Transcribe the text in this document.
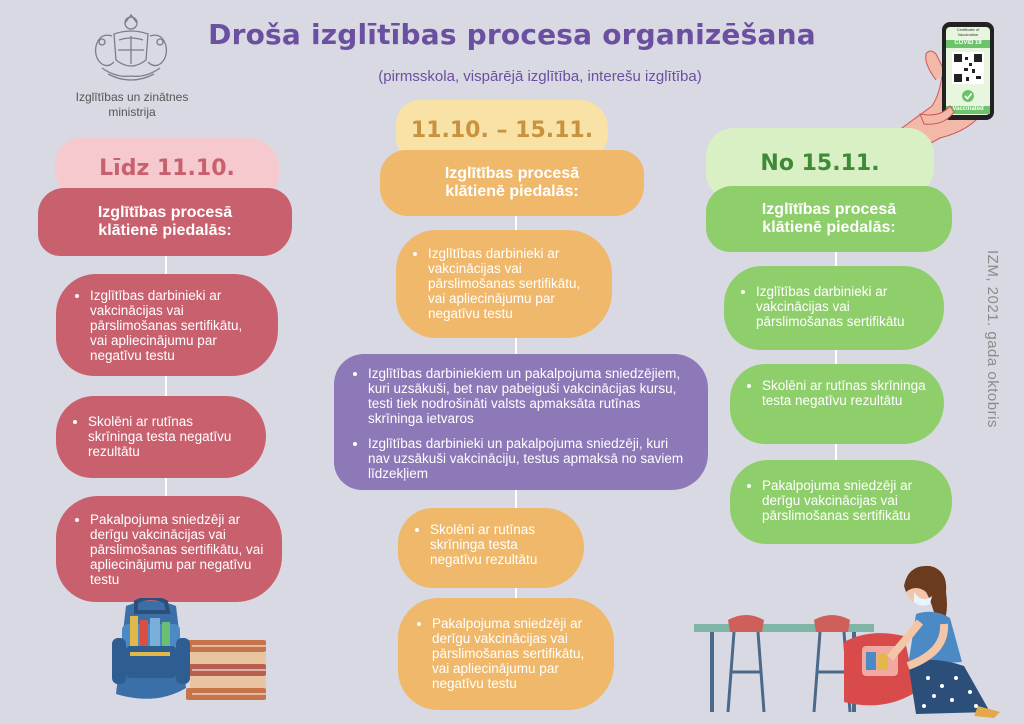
Izglītības un zinātnes
ministrija
Droša izglītības procesa organizēšana
(pirmsskola, vispārējā izglītība, interešu izglītība)
Certificate of Vaccination
COVID 19
Vaccinated
IZM, 2021. gada oktobris
Līdz 11.10.
Izglītības procesā klātienē piedalās:
• Izglītības darbinieki ar vakcinācijas vai pārslimošanas sertifikātu, vai apliecinājumu par negatīvu testu
• Skolēni ar rutīnas skrīninga testa negatīvu rezultātu
• Pakalpojuma sniedzēji ar derīgu vakcinācijas vai pārslimošanas sertifikātu, vai apliecinājumu par negatīvu testu
11.10. – 15.11.
Izglītības procesā klātienē piedalās:
• Izglītības darbinieki ar vakcinācijas vai pārslimošanas sertifikātu, vai apliecinājumu par negatīvu testu
• Izglītības darbiniekiem un pakalpojuma sniedzējiem, kuri uzsākuši, bet nav pabeiguši vakcinācijas kursu, testi tiek nodrošināti valsts apmaksāta rutīnas skrīninga ietvaros
• Izglītības darbinieki un pakalpojuma sniedzēji, kuri nav uzsākuši vakcināciju, testus apmaksā no saviem līdzekļiem
• Skolēni ar rutīnas skrīninga testa negatīvu rezultātu
• Pakalpojuma sniedzēji ar derīgu vakcinācijas vai pārslimošanas sertifikātu, vai apliecinājumu par negatīvu testu
No 15.11.
Izglītības procesā klātienē piedalās:
• Izglītības darbinieki ar vakcinācijas vai pārslimošanas sertifikātu
• Skolēni ar rutīnas skrīninga testa negatīvu rezultātu
• Pakalpojuma sniedzēji ar derīgu vakcinācijas vai pārslimošanas sertifikātu
